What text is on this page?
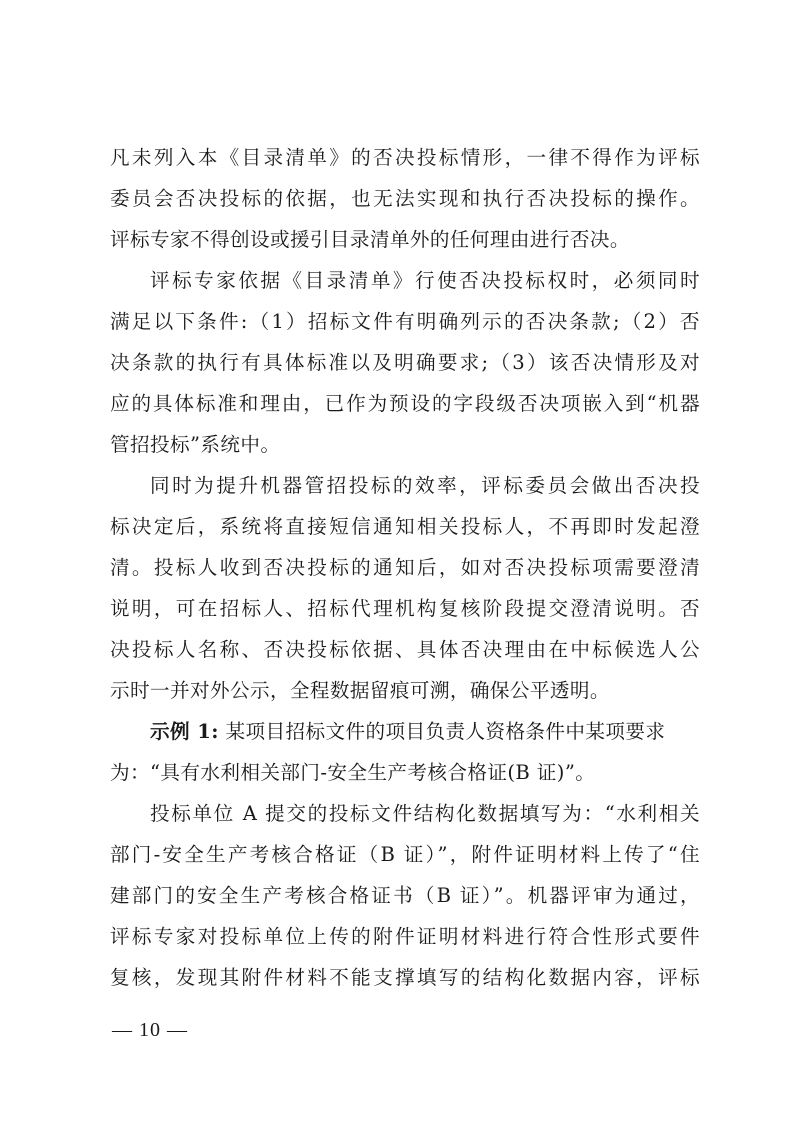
凡未列入本《目录清单》的否决投标情形，一律不得作为评标
委员会否决投标的依据，也无法实现和执行否决投标的操作。
评标专家不得创设或援引目录清单外的任何理由进行否决。
评标专家依据《目录清单》行使否决投标权时，必须同时
满足以下条件:（1）招标文件有明确列示的否决条款;（2）否
决条款的执行有具体标准以及明确要求;（3）该否决情形及对
应的具体标准和理由，已作为预设的字段级否决项嵌入到“机器
管招投标”系统中。
同时为提升机器管招投标的效率，评标委员会做出否决投
标决定后，系统将直接短信通知相关投标人，不再即时发起澄
清。投标人收到否决投标的通知后，如对否决投标项需要澄清
说明，可在招标人、招标代理机构复核阶段提交澄清说明。否
决投标人名称、否决投标依据、具体否决理由在中标候选人公
示时一并对外公示，全程数据留痕可溯，确保公平透明。
示例 1: 某项目招标文件的项目负责人资格条件中某项要求
为：“具有水利相关部门-安全生产考核合格证(B 证)”。
投标单位 A 提交的投标文件结构化数据填写为：“水利相关
部门-安全生产考核合格证（B 证）”，附件证明材料上传了“住
建部门的安全生产考核合格证书（B 证）”。机器评审为通过，
评标专家对投标单位上传的附件证明材料进行符合性形式要件
复核，发现其附件材料不能支撑填写的结构化数据内容，评标
— 10 —
